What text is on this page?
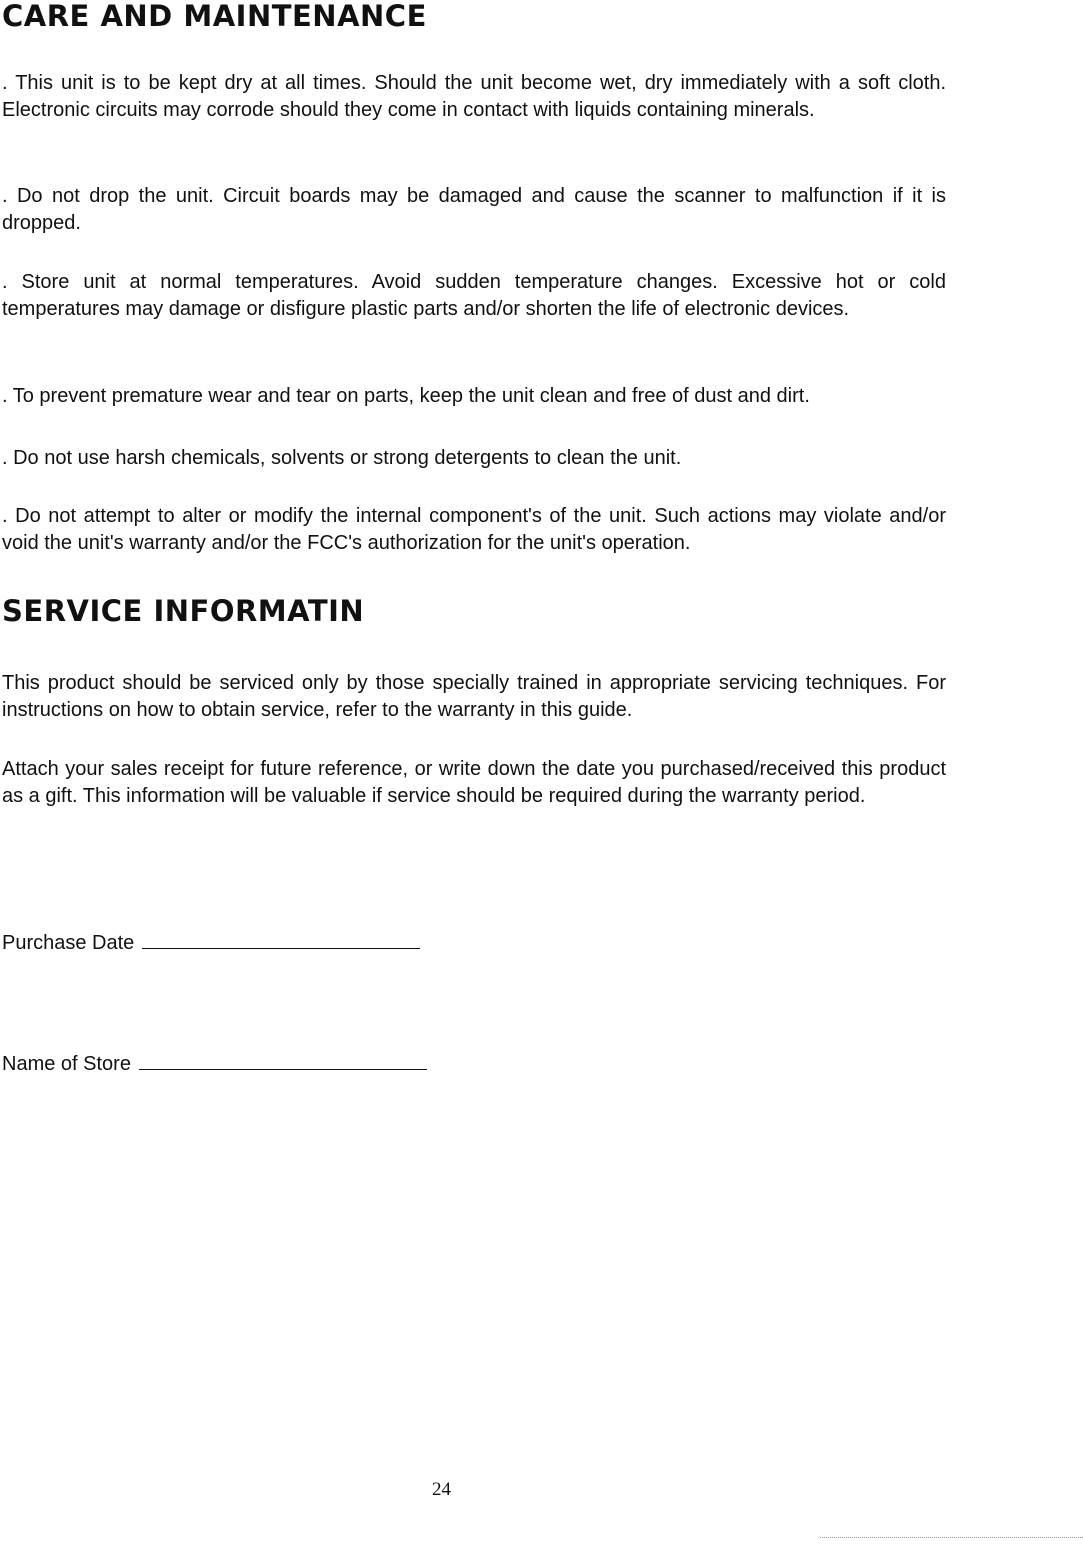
CARE AND MAINTENANCE

. This unit is to be kept dry at all times. Should the unit become wet, dry immediately with a soft cloth. Electronic circuits may corrode should they come in contact with liquids containing minerals.

. Do not drop the unit. Circuit boards may be damaged and cause the scanner to malfunction if it is dropped.

. Store unit at normal temperatures. Avoid sudden temperature changes. Excessive hot or cold temperatures may damage or disfigure plastic parts and/or shorten the life of electronic devices.

. To prevent premature wear and tear on parts, keep the unit clean and free of dust and dirt.

. Do not use harsh chemicals, solvents or strong detergents to clean the unit.

. Do not attempt to alter or modify the internal component's of the unit. Such actions may violate and/or void the unit's warranty and/or the FCC's authorization for the unit's operation.

SERVICE INFORMATIN

This product should be serviced only by those specially trained in appropriate servicing techniques. For instructions on how to obtain service, refer to the warranty in this guide.

Attach your sales receipt for future reference, or write down the date you purchased/received this product as a gift. This information will be valuable if service should be required during the warranty period.

Purchase Date
Name of Store
24
